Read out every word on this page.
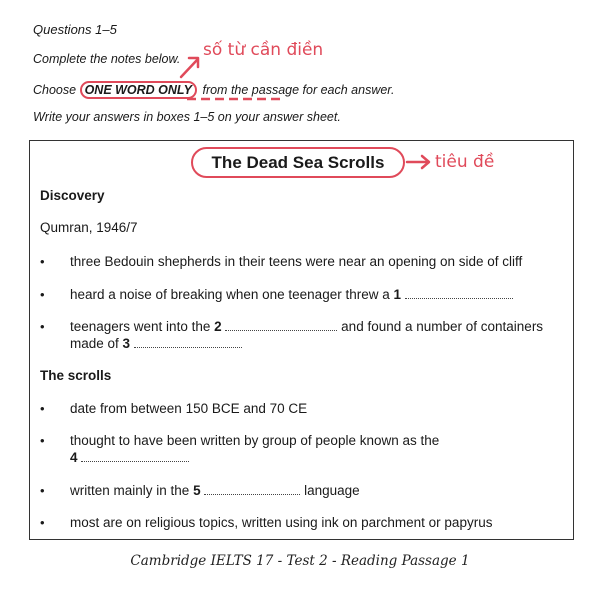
Questions 1–5
Complete the notes below.
Choose ONE WORD ONLY from the passage for each answer.
Write your answers in boxes 1–5 on your answer sheet.
số từ cần điền
tiêu đề
The Dead Sea Scrolls
Discovery
Qumran, 1946/7
• three Bedouin shepherds in their teens were near an opening on side of cliff
• heard a noise of breaking when one teenager threw a 1
• teenagers went into the 2	and found a number of containers
made of 3
The scrolls
• date from between 150 BCE and 70 CE
• thought to have been written by group of people known as the
4
• written mainly in the 5	language
• most are on religious topics, written using ink on parchment or papyrus
Cambridge IELTS 17 - Test 2 - Reading Passage 1
